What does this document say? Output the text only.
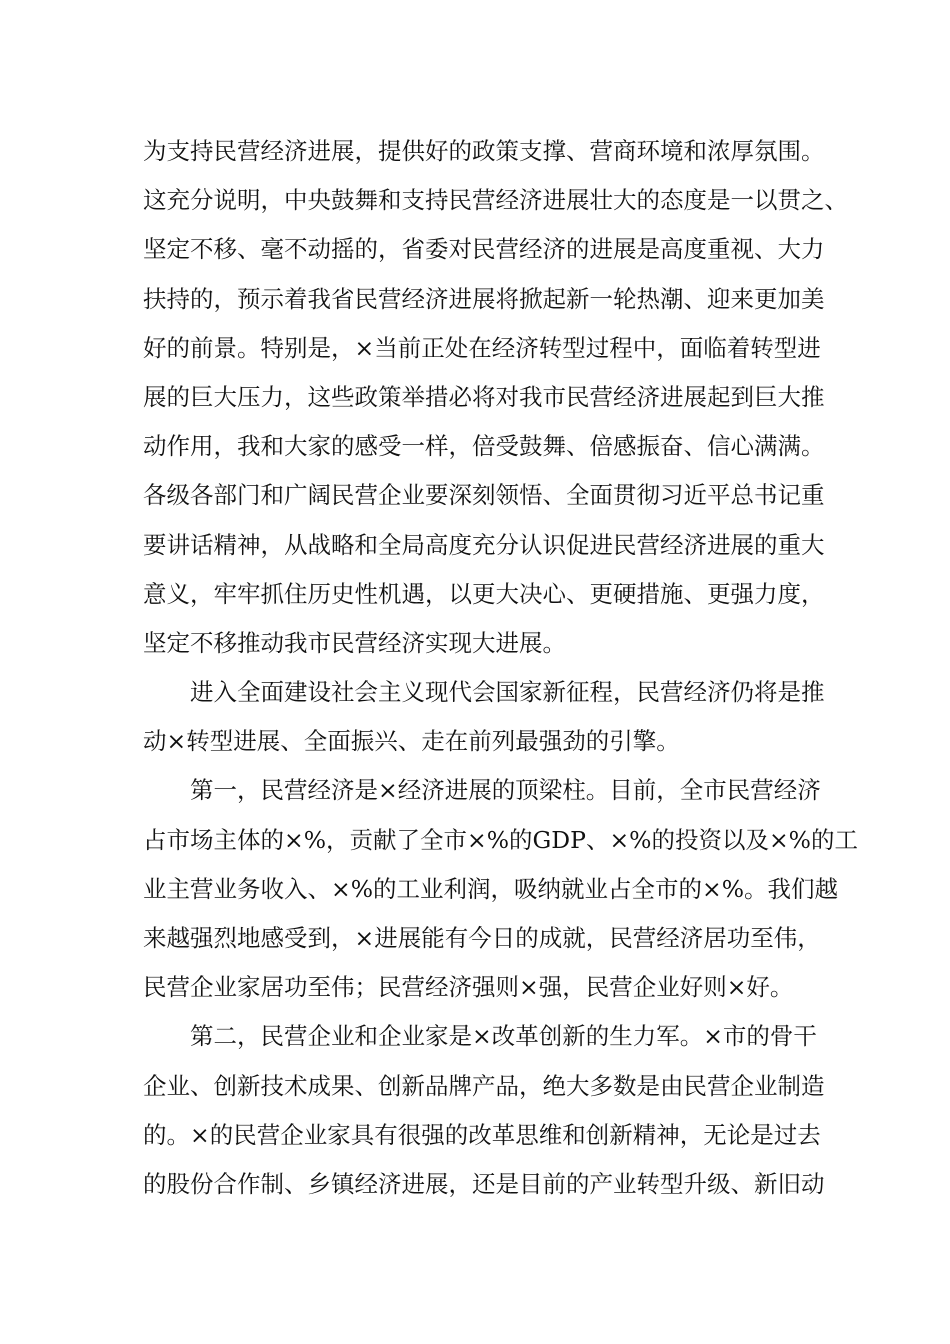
为支持民营经济进展，提供好的政策支撑、营商环境和浓厚氛围。
这充分说明，中央鼓舞和支持民营经济进展壮大的态度是一以贯之、
坚定不移、毫不动摇的，省委对民营经济的进展是高度重视、大力
扶持的，预示着我省民营经济进展将掀起新一轮热潮、迎来更加美
好的前景。特别是，×当前正处在经济转型过程中，面临着转型进
展的巨大压力，这些政策举措必将对我市民营经济进展起到巨大推
动作用，我和大家的感受一样，倍受鼓舞、倍感振奋、信心满满。
各级各部门和广阔民营企业要深刻领悟、全面贯彻习近平总书记重
要讲话精神，从战略和全局高度充分认识促进民营经济进展的重大
意义，牢牢抓住历史性机遇，以更大决心、更硬措施、更强力度，
坚定不移推动我市民营经济实现大进展。
进入全面建设社会主义现代会国家新征程，民营经济仍将是推
动×转型进展、全面振兴、走在前列最强劲的引擎。
第一，民营经济是×经济进展的顶梁柱。目前，全市民营经济
占市场主体的×%，贡献了全市×%的GDP、×%的投资以及×%的工
业主营业务收入、×%的工业利润，吸纳就业占全市的×%。我们越
来越强烈地感受到，×进展能有今日的成就，民营经济居功至伟，
民营企业家居功至伟；民营经济强则×强，民营企业好则×好。
第二，民营企业和企业家是×改革创新的生力军。×市的骨干
企业、创新技术成果、创新品牌产品，绝大多数是由民营企业制造
的。×的民营企业家具有很强的改革思维和创新精神，无论是过去
的股份合作制、乡镇经济进展，还是目前的产业转型升级、新旧动
